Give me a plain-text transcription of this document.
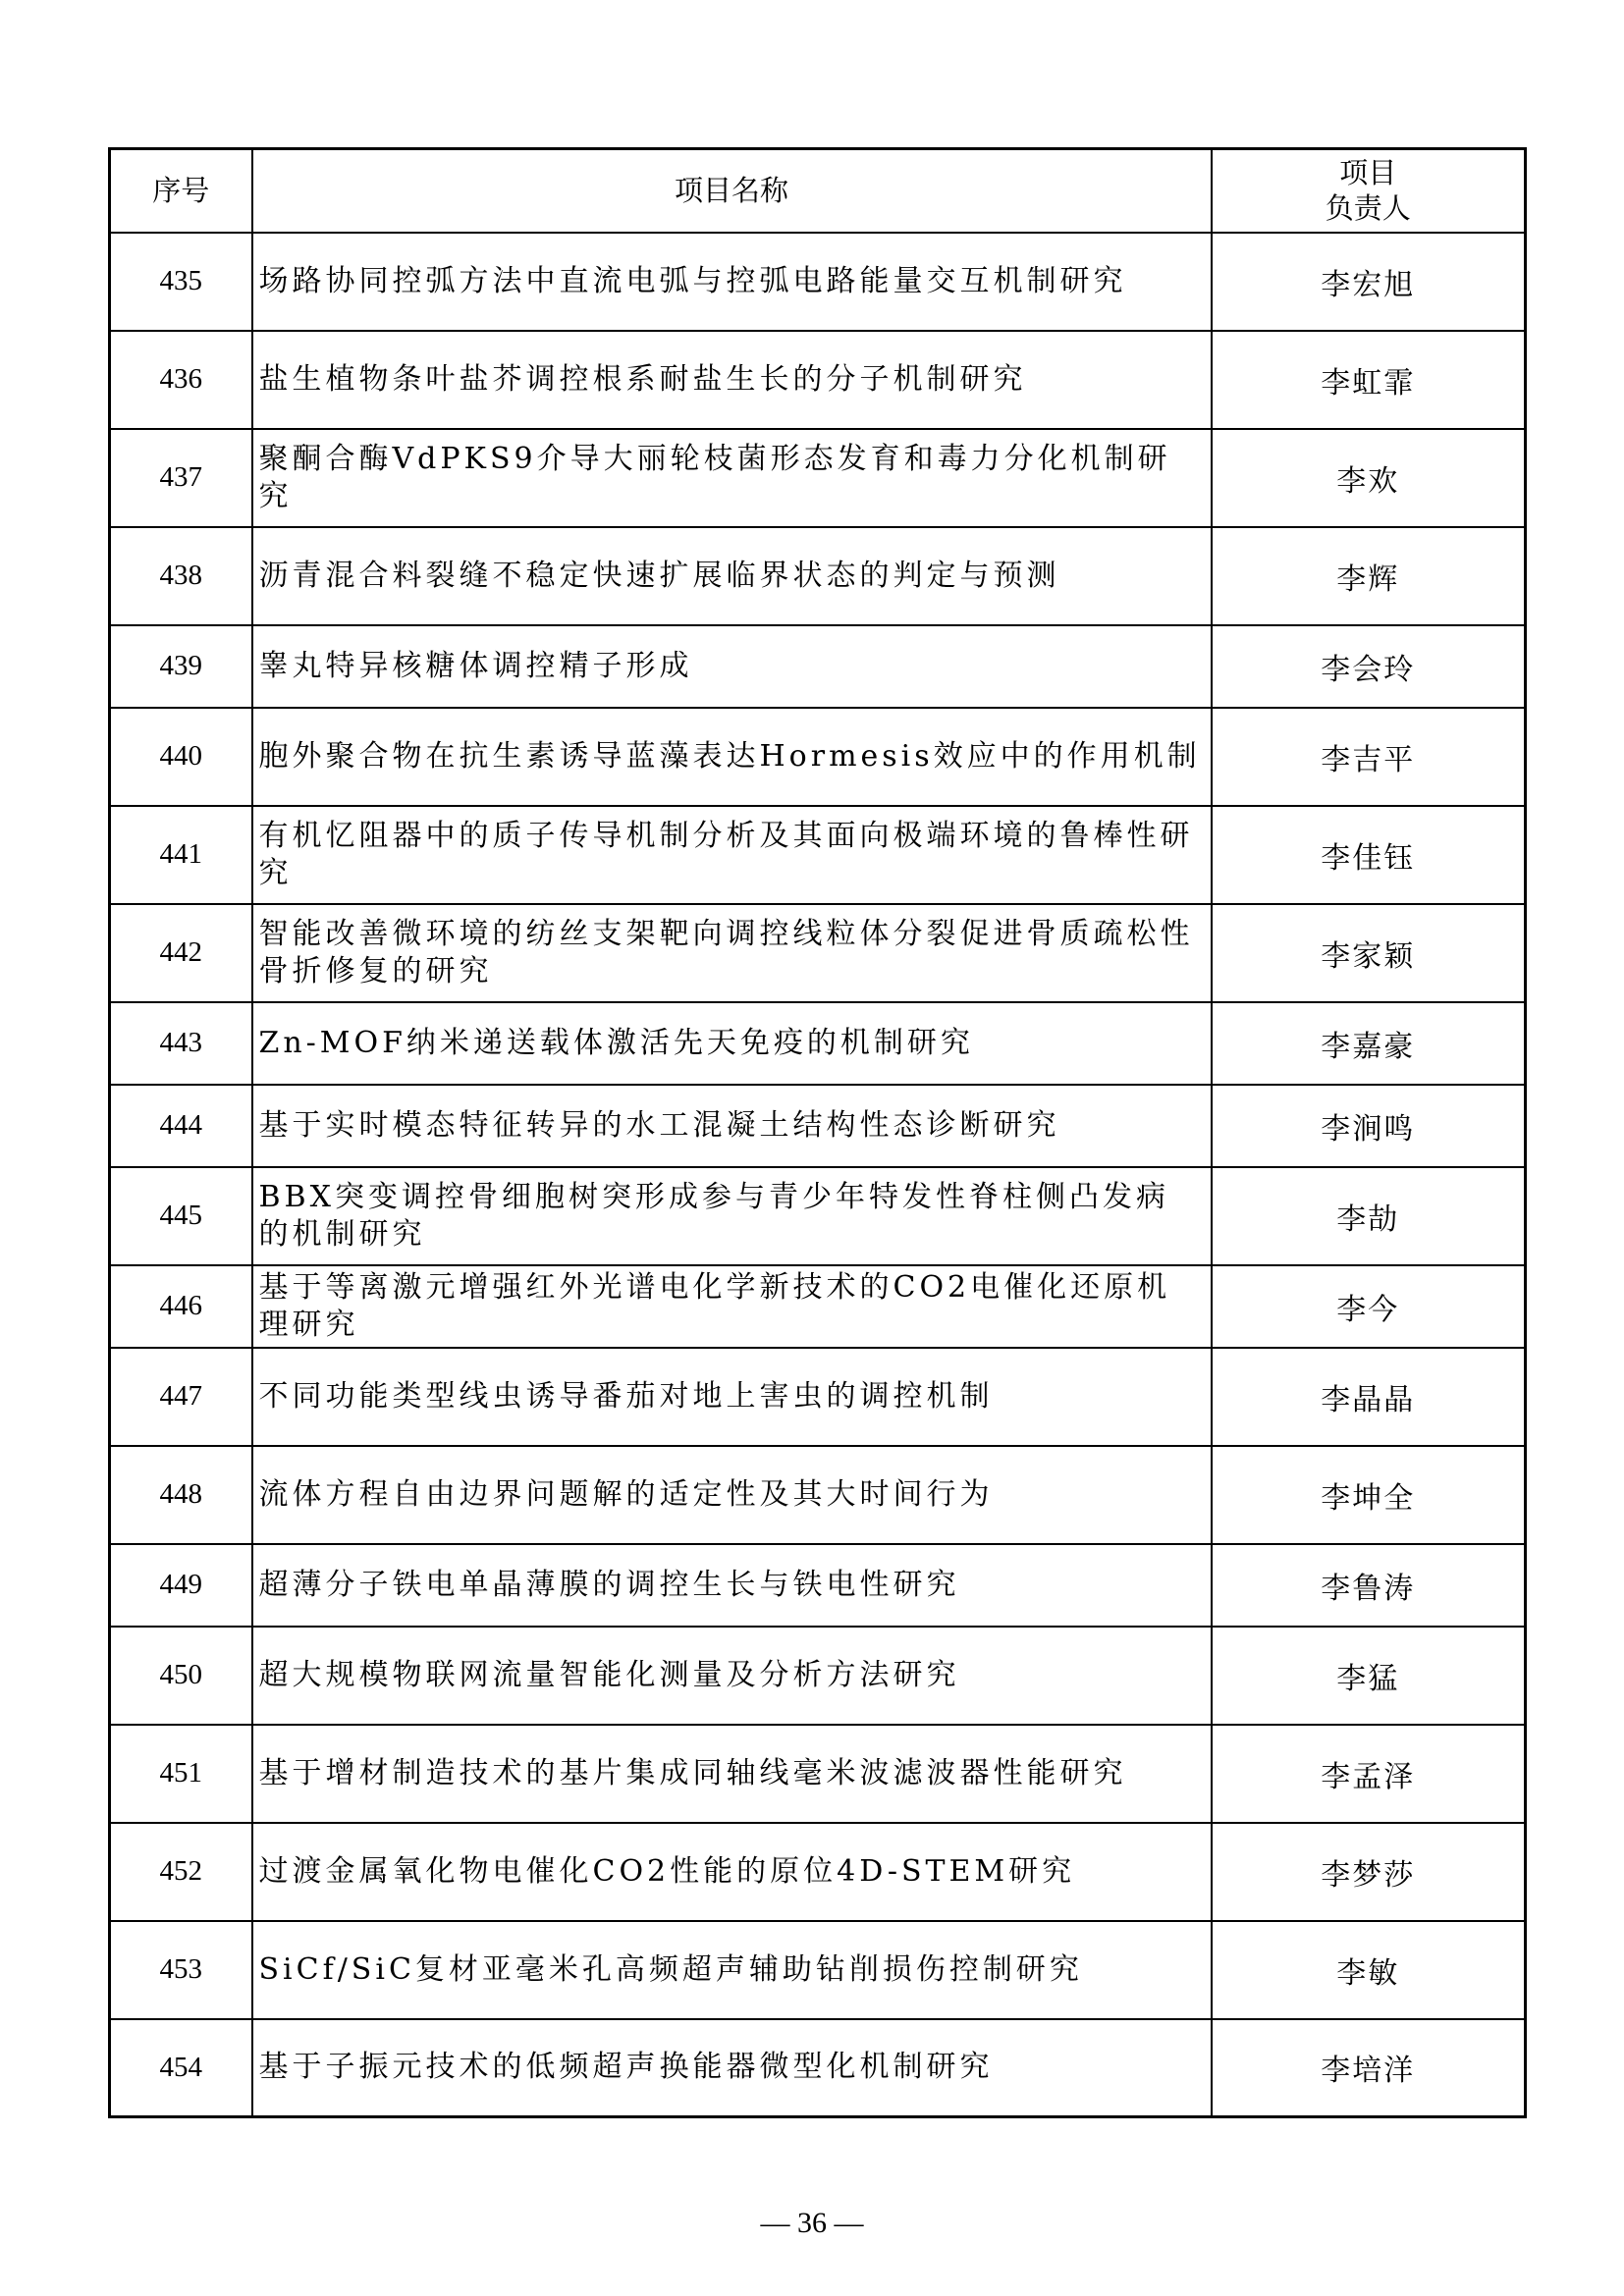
序号	项目名称	项目
负责人

435	场路协同控弧方法中直流电弧与控弧电路能量交互机制研究	李宏旭
436	盐生植物条叶盐芥调控根系耐盐生长的分子机制研究	李虹霏
437	聚酮合酶VdPKS9介导大丽轮枝菌形态发育和毒力分化机制研究	李欢
438	沥青混合料裂缝不稳定快速扩展临界状态的判定与预测	李辉
439	睾丸特异核糖体调控精子形成	李会玲
440	胞外聚合物在抗生素诱导蓝藻表达Hormesis效应中的作用机制	李吉平
441	有机忆阻器中的质子传导机制分析及其面向极端环境的鲁棒性研究	李佳钰
442	智能改善微环境的纺丝支架靶向调控线粒体分裂促进骨质疏松性骨折修复的研究	李家颖
443	Zn-MOF纳米递送载体激活先天免疫的机制研究	李嘉豪
444	基于实时模态特征转异的水工混凝土结构性态诊断研究	李涧鸣
445	BBX突变调控骨细胞树突形成参与青少年特发性脊柱侧凸发病的机制研究	李劼
446	基于等离激元增强红外光谱电化学新技术的CO2电催化还原机理研究	李今
447	不同功能类型线虫诱导番茄对地上害虫的调控机制	李晶晶
448	流体方程自由边界问题解的适定性及其大时间行为	李坤全
449	超薄分子铁电单晶薄膜的调控生长与铁电性研究	李鲁涛
450	超大规模物联网流量智能化测量及分析方法研究	李猛
451	基于增材制造技术的基片集成同轴线毫米波滤波器性能研究	李孟泽
452	过渡金属氧化物电催化CO2性能的原位4D-STEM研究	李梦莎
453	SiCf/SiC复材亚毫米孔高频超声辅助钻削损伤控制研究	李敏
454	基于子振元技术的低频超声换能器微型化机制研究	李培洋
— 36 —
